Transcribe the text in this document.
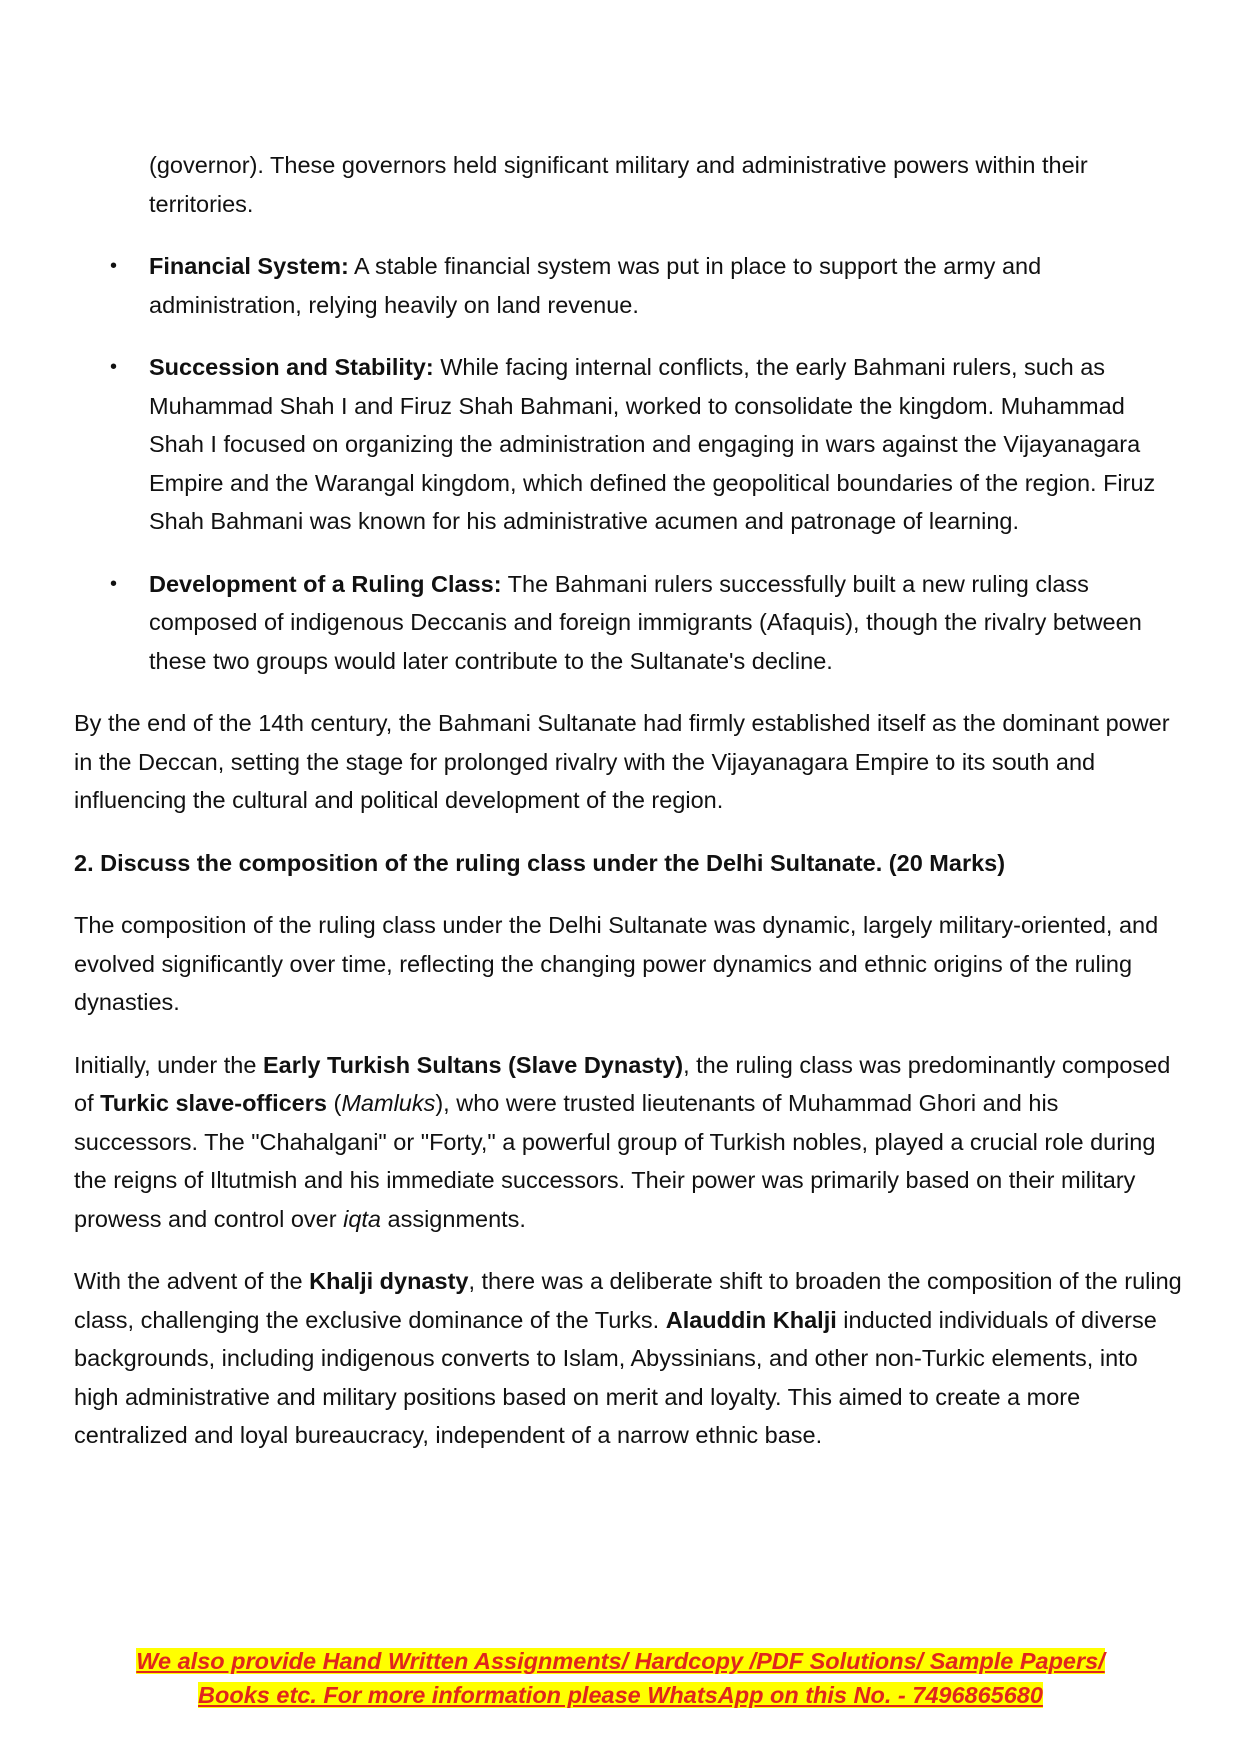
(governor). These governors held significant military and administrative powers within their territories.

• Financial System: A stable financial system was put in place to support the army and administration, relying heavily on land revenue.
• Succession and Stability: While facing internal conflicts, the early Bahmani rulers, such as Muhammad Shah I and Firuz Shah Bahmani, worked to consolidate the kingdom. Muhammad Shah I focused on organizing the administration and engaging in wars against the Vijayanagara Empire and the Warangal kingdom, which defined the geopolitical boundaries of the region. Firuz Shah Bahmani was known for his administrative acumen and patronage of learning.
• Development of a Ruling Class: The Bahmani rulers successfully built a new ruling class composed of indigenous Deccanis and foreign immigrants (Afaquis), though the rivalry between these two groups would later contribute to the Sultanate's decline.

By the end of the 14th century, the Bahmani Sultanate had firmly established itself as the dominant power in the Deccan, setting the stage for prolonged rivalry with the Vijayanagara Empire to its south and influencing the cultural and political development of the region.

2. Discuss the composition of the ruling class under the Delhi Sultanate. (20 Marks)

The composition of the ruling class under the Delhi Sultanate was dynamic, largely military-oriented, and evolved significantly over time, reflecting the changing power dynamics and ethnic origins of the ruling dynasties.

Initially, under the Early Turkish Sultans (Slave Dynasty), the ruling class was predominantly composed of Turkic slave-officers (Mamluks), who were trusted lieutenants of Muhammad Ghori and his successors. The "Chahalgani" or "Forty," a powerful group of Turkish nobles, played a crucial role during the reigns of Iltutmish and his immediate successors. Their power was primarily based on their military prowess and control over iqta assignments.

With the advent of the Khalji dynasty, there was a deliberate shift to broaden the composition of the ruling class, challenging the exclusive dominance of the Turks. Alauddin Khalji inducted individuals of diverse backgrounds, including indigenous converts to Islam, Abyssinians, and other non-Turkic elements, into high administrative and military positions based on merit and loyalty. This aimed to create a more centralized and loyal bureaucracy, independent of a narrow ethnic base.

We also provide Hand Written Assignments/ Hardcopy /PDF Solutions/ Sample Papers/
Books etc. For more information please WhatsApp on this No. - 7496865680
